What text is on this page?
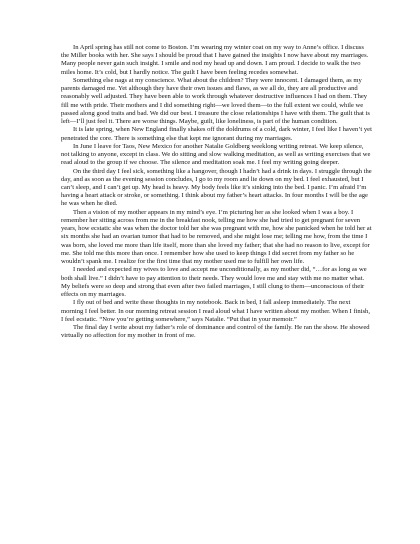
In April spring has still not come to Boston. I’m wearing my winter coat on my way to Anne’s office. I discuss the Miller books with her. She says I should be proud that I have gained the insights I now have about my marriages. Many people never gain such insight. I smile and nod my head up and down. I am proud. I decide to walk the two miles home. It’s cold, but I hardly notice. The guilt I have been feeling recedes somewhat.

Something else nags at my conscience. What about the children? They were innocent. I damaged them, as my parents damaged me. Yet although they have their own issues and flaws, as we all do, they are all productive and reasonably well adjusted. They have been able to work through whatever destructive influences I had on them. They fill me with pride. Their mothers and I did something right—we loved them—to the full extent we could, while we passed along good traits and bad. We did our best. I treasure the close relationships I have with them. The guilt that is left—I’ll just feel it. There are worse things. Maybe, guilt, like loneliness, is part of the human condition.

It is late spring, when New England finally shakes off the doldrums of a cold, dark winter, I feel like I haven’t yet penetrated the core. There is something else that kept me ignorant during my marriages.

In June I leave for Taos, New Mexico for another Natalie Goldberg weeklong writing retreat. We keep silence, not talking to anyone, except in class. We do sitting and slow walking meditation, as well as writing exercises that we read aloud to the group if we choose. The silence and meditation soak me. I feel my writing going deeper.

On the third day I feel sick, something like a hangover, though I hadn’t had a drink in days. I struggle through the day, and as soon as the evening session concludes, I go to my room and lie down on my bed. I feel exhausted, but I can’t sleep, and I can’t get up. My head is heavy. My body feels like it’s sinking into the bed. I panic. I’m afraid I’m having a heart attack or stroke, or something. I think about my father’s heart attacks. In four months I will be the age he was when he died.

Then a vision of my mother appears in my mind’s eye. I’m picturing her as she looked when I was a boy. I remember her sitting across from me in the breakfast nook, telling me how she had tried to get pregnant for seven years, how ecstatic she was when the doctor told her she was pregnant with me, how she panicked when he told her at six months she had an ovarian tumor that had to be removed, and she might lose me; telling me how, from the time I was born, she loved me more than life itself, more than she loved my father; that she had no reason to live, except for me. She told me this more than once. I remember how she used to keep things I did secret from my father so he wouldn’t spank me. I realize for the first time that my mother used me to fulfill her own life.

I needed and expected my wives to love and accept me unconditionally, as my mother did, “…for as long as we both shall live.” I didn’t have to pay attention to their needs. They would love me and stay with me no matter what. My beliefs were so deep and strong that even after two failed marriages, I still clung to them—unconscious of their effects on my marriages.

I fly out of bed and write these thoughts in my notebook. Back in bed, I fall asleep immediately. The next morning I feel better. In our morning retreat session I read aloud what I have written about my mother. When I finish, I feel ecstatic. “Now you’re getting somewhere,” says Natalie. “Put that in your memoir.”

The final day I write about my father’s role of dominance and control of the family. He ran the show. He showed virtually no affection for my mother in front of me.
